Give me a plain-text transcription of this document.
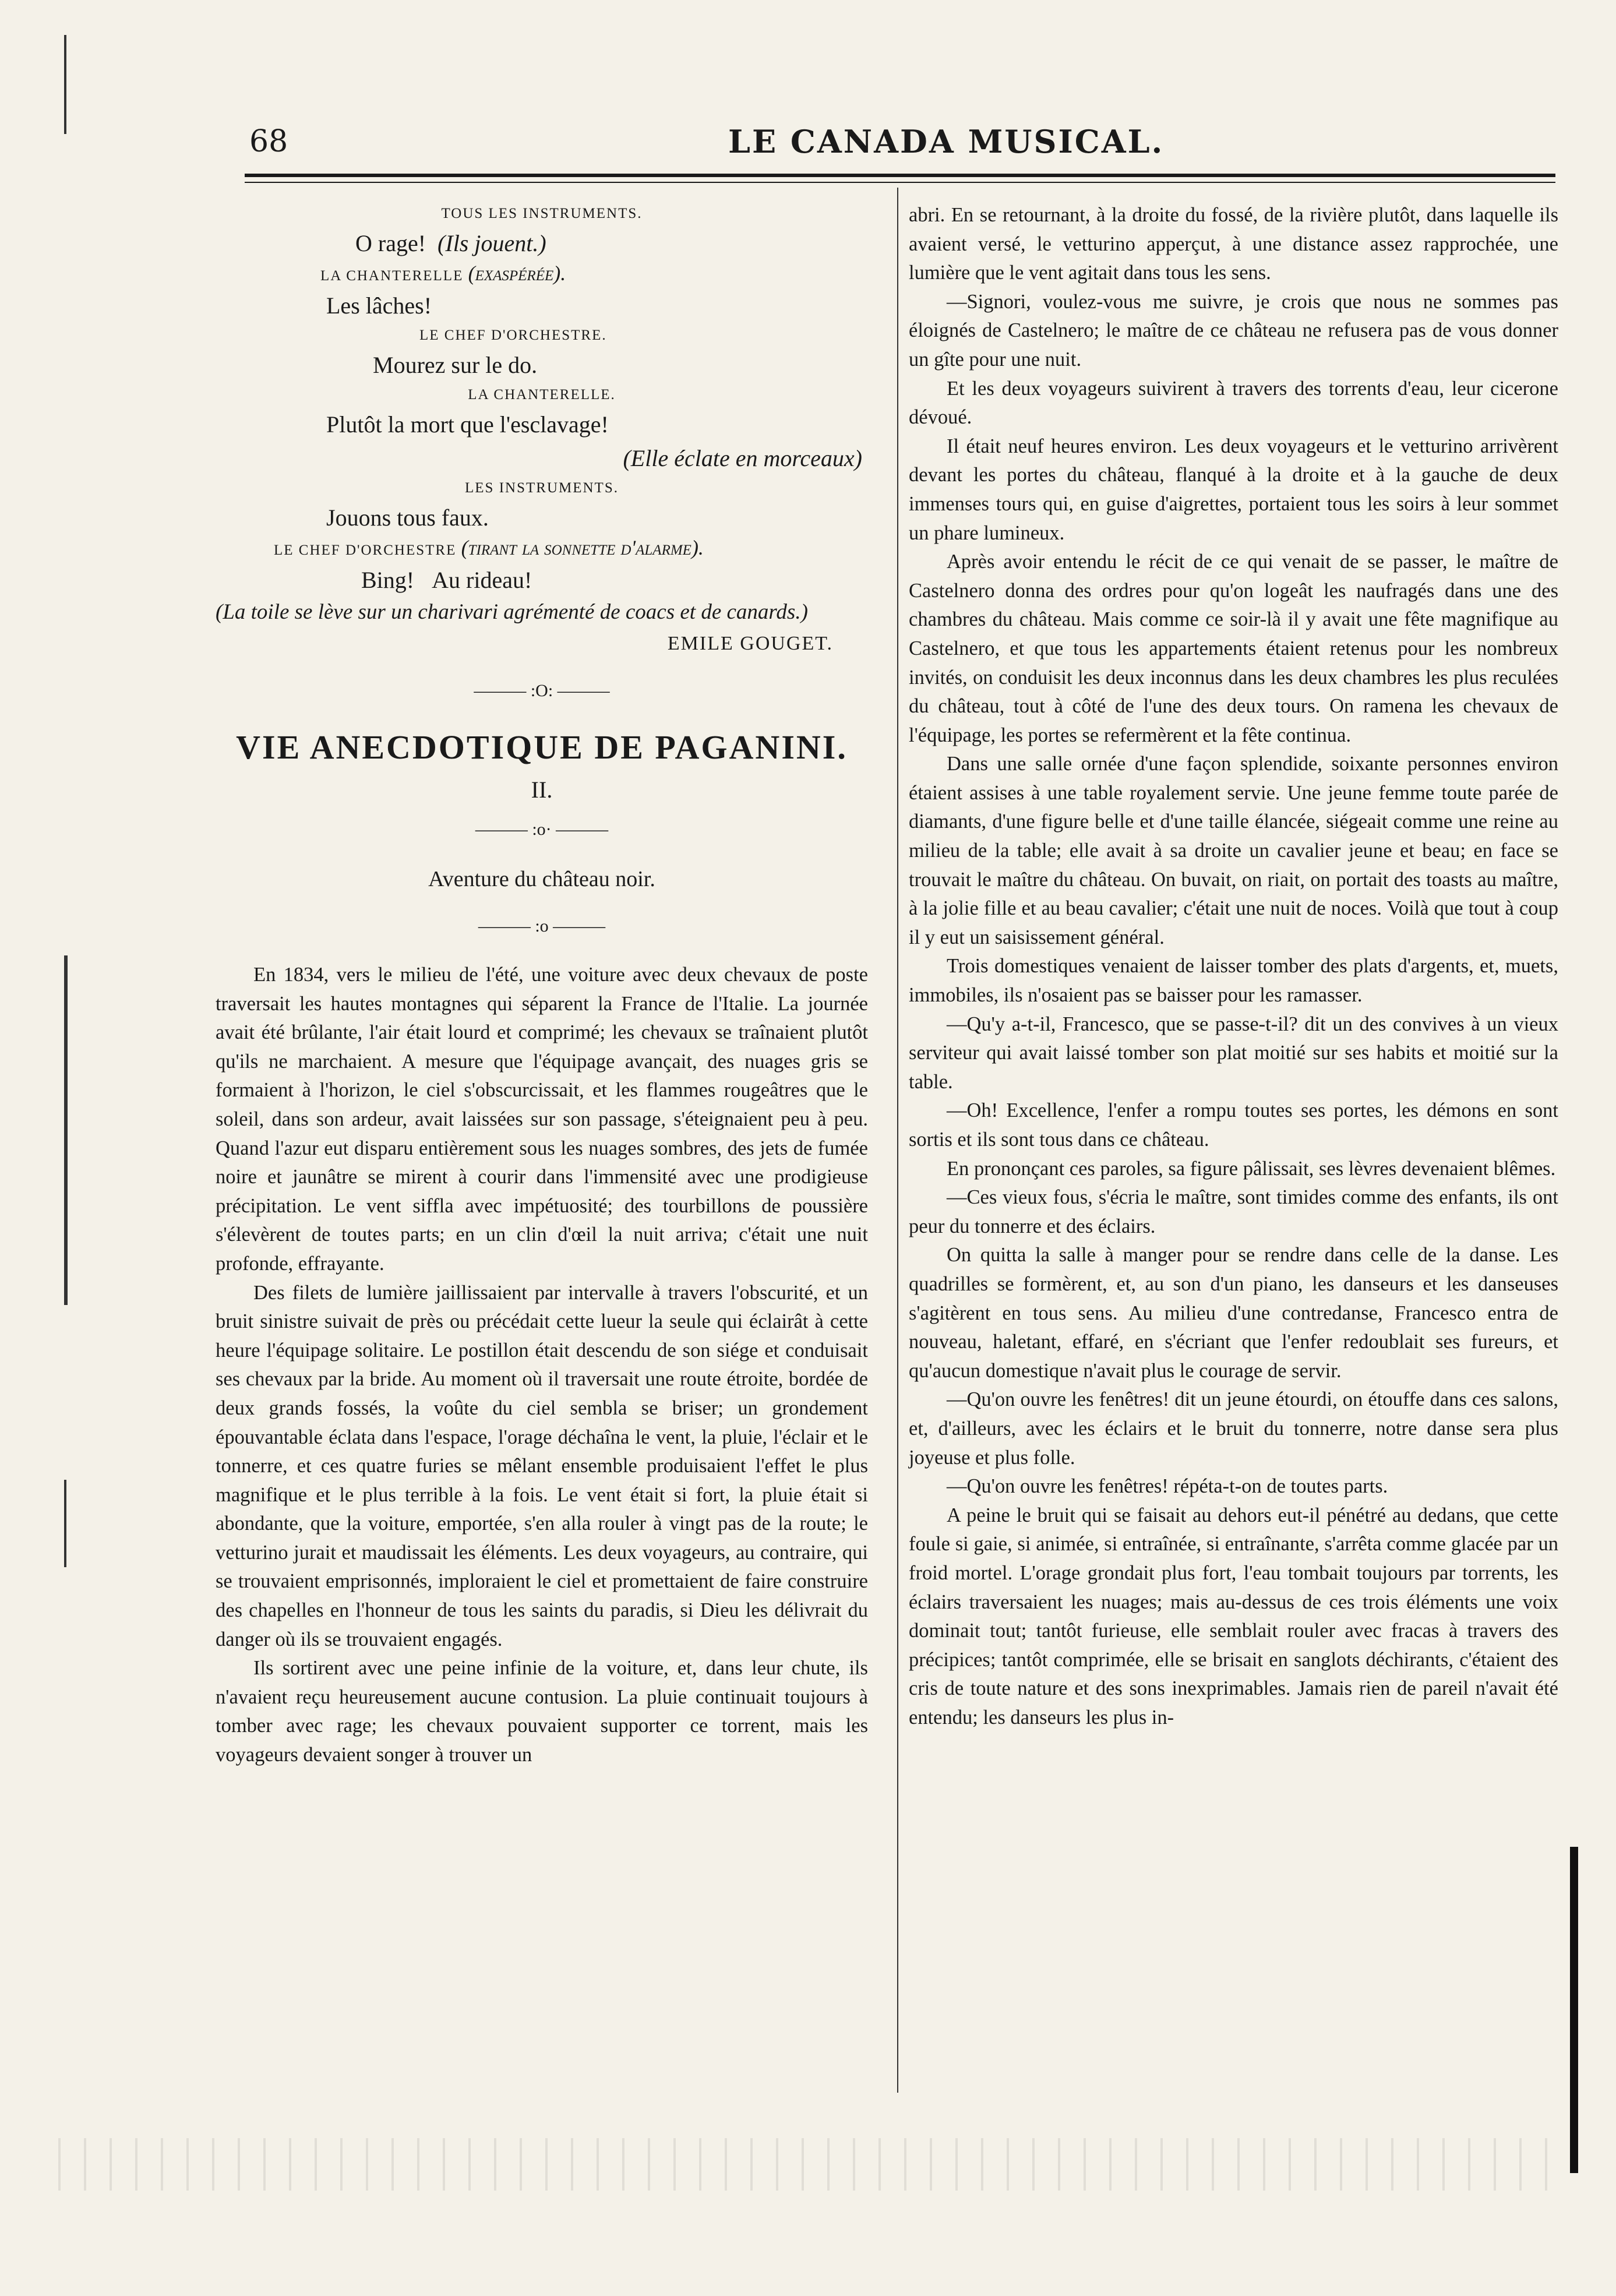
68	LE CANADA MUSICAL.

TOUS LES INSTRUMENTS.

O rage! (Ils jouent.)

LA CHANTERELLE (exaspérée).

Les lâches!

LE CHEF D'ORCHESTRE.

Mourez sur le do.

LA CHANTERELLE.

Plutôt la mort que l'esclavage!

(Elle éclate en morceaux)

LES INSTRUMENTS.

Jouons tous faux.

LE CHEF D'ORCHESTRE (tirant la sonnette d'alarme).

Bing! Au rideau!

(La toile se lève sur un charivari agrémenté de coacs et de canards.)

EMILE GOUGET.

——— :O: ———

VIE ANECDOTIQUE DE PAGANINI.

II.

——— :o· ———

Aventure du château noir.

——— :o ———

En 1834, vers le milieu de l'été, une voiture avec deux chevaux de poste traversait les hautes montagnes qui séparent la France de l'Italie. La journée avait été brûlante, l'air était lourd et comprimé; les chevaux se traînaient plutôt qu'ils ne marchaient. A mesure que l'équipage avançait, des nuages gris se formaient à l'horizon, le ciel s'obscurcissait, et les flammes rougeâtres que le soleil, dans son ardeur, avait laissées sur son passage, s'éteignaient peu à peu. Quand l'azur eut disparu entièrement sous les nuages sombres, des jets de fumée noire et jaunâtre se mirent à courir dans l'immensité avec une prodigieuse précipitation. Le vent siffla avec impétuosité; des tourbillons de poussière s'élevèrent de toutes parts; en un clin d'œil la nuit arriva; c'était une nuit profonde, effrayante.

Des filets de lumière jaillissaient par intervalle à travers l'obscurité, et un bruit sinistre suivait de près ou précédait cette lueur la seule qui éclairât à cette heure l'équipage solitaire. Le postillon était descendu de son siége et conduisait ses chevaux par la bride. Au moment où il traversait une route étroite, bordée de deux grands fossés, la voûte du ciel sembla se briser; un grondement épouvantable éclata dans l'espace, l'orage déchaîna le vent, la pluie, l'éclair et le tonnerre, et ces quatre furies se mêlant ensemble produisaient l'effet le plus magnifique et le plus terrible à la fois. Le vent était si fort, la pluie était si abondante, que la voiture, emportée, s'en alla rouler à vingt pas de la route; le vetturino jurait et maudissait les éléments. Les deux voyageurs, au contraire, qui se trouvaient emprisonnés, imploraient le ciel et promettaient de faire construire des chapelles en l'honneur de tous les saints du paradis, si Dieu les délivrait du danger où ils se trouvaient engagés.

Ils sortirent avec une peine infinie de la voiture, et, dans leur chute, ils n'avaient reçu heureusement aucune contusion. La pluie continuait toujours à tomber avec rage; les chevaux pouvaient supporter ce torrent, mais les voyageurs devaient songer à trouver un

abri. En se retournant, à la droite du fossé, de la rivière plutôt, dans laquelle ils avaient versé, le vetturino apperçut, à une distance assez rapprochée, une lumière que le vent agitait dans tous les sens.

—Signori, voulez-vous me suivre, je crois que nous ne sommes pas éloignés de Castelnero; le maître de ce château ne refusera pas de vous donner un gîte pour une nuit.

Et les deux voyageurs suivirent à travers des torrents d'eau, leur cicerone dévoué.

Il était neuf heures environ. Les deux voyageurs et le vetturino arrivèrent devant les portes du château, flanqué à la droite et à la gauche de deux immenses tours qui, en guise d'aigrettes, portaient tous les soirs à leur sommet un phare lumineux.

Après avoir entendu le récit de ce qui venait de se passer, le maître de Castelnero donna des ordres pour qu'on logeât les naufragés dans une des chambres du château. Mais comme ce soir-là il y avait une fête magnifique au Castelnero, et que tous les appartements étaient retenus pour les nombreux invités, on conduisit les deux inconnus dans les deux chambres les plus reculées du château, tout à côté de l'une des deux tours. On ramena les chevaux de l'équipage, les portes se refermèrent et la fête continua.

Dans une salle ornée d'une façon splendide, soixante personnes environ étaient assises à une table royalement servie. Une jeune femme toute parée de diamants, d'une figure belle et d'une taille élancée, siégeait comme une reine au milieu de la table; elle avait à sa droite un cavalier jeune et beau; en face se trouvait le maître du château. On buvait, on riait, on portait des toasts au maître, à la jolie fille et au beau cavalier; c'était une nuit de noces. Voilà que tout à coup il y eut un saisissement général.

Trois domestiques venaient de laisser tomber des plats d'argents, et, muets, immobiles, ils n'osaient pas se baisser pour les ramasser.

—Qu'y a-t-il, Francesco, que se passe-t-il? dit un des convives à un vieux serviteur qui avait laissé tomber son plat moitié sur ses habits et moitié sur la table.

—Oh! Excellence, l'enfer a rompu toutes ses portes, les démons en sont sortis et ils sont tous dans ce château.

En prononçant ces paroles, sa figure pâlissait, ses lèvres devenaient blêmes.

—Ces vieux fous, s'écria le maître, sont timides comme des enfants, ils ont peur du tonnerre et des éclairs.

On quitta la salle à manger pour se rendre dans celle de la danse. Les quadrilles se formèrent, et, au son d'un piano, les danseurs et les danseuses s'agitèrent en tous sens. Au milieu d'une contredanse, Francesco entra de nouveau, haletant, effaré, en s'écriant que l'enfer redoublait ses fureurs, et qu'aucun domestique n'avait plus le courage de servir.

—Qu'on ouvre les fenêtres! dit un jeune étourdi, on étouffe dans ces salons, et, d'ailleurs, avec les éclairs et le bruit du tonnerre, notre danse sera plus joyeuse et plus folle.

—Qu'on ouvre les fenêtres! répéta-t-on de toutes parts.

A peine le bruit qui se faisait au dehors eut-il pénétré au dedans, que cette foule si gaie, si animée, si entraînée, si entraînante, s'arrêta comme glacée par un froid mortel. L'orage grondait plus fort, l'eau tombait toujours par torrents, les éclairs traversaient les nuages; mais au-dessus de ces trois éléments une voix dominait tout; tantôt furieuse, elle semblait rouler avec fracas à travers des précipices; tantôt comprimée, elle se brisait en sanglots déchirants, c'étaient des cris de toute nature et des sons inexprimables. Jamais rien de pareil n'avait été entendu; les danseurs les plus in-
